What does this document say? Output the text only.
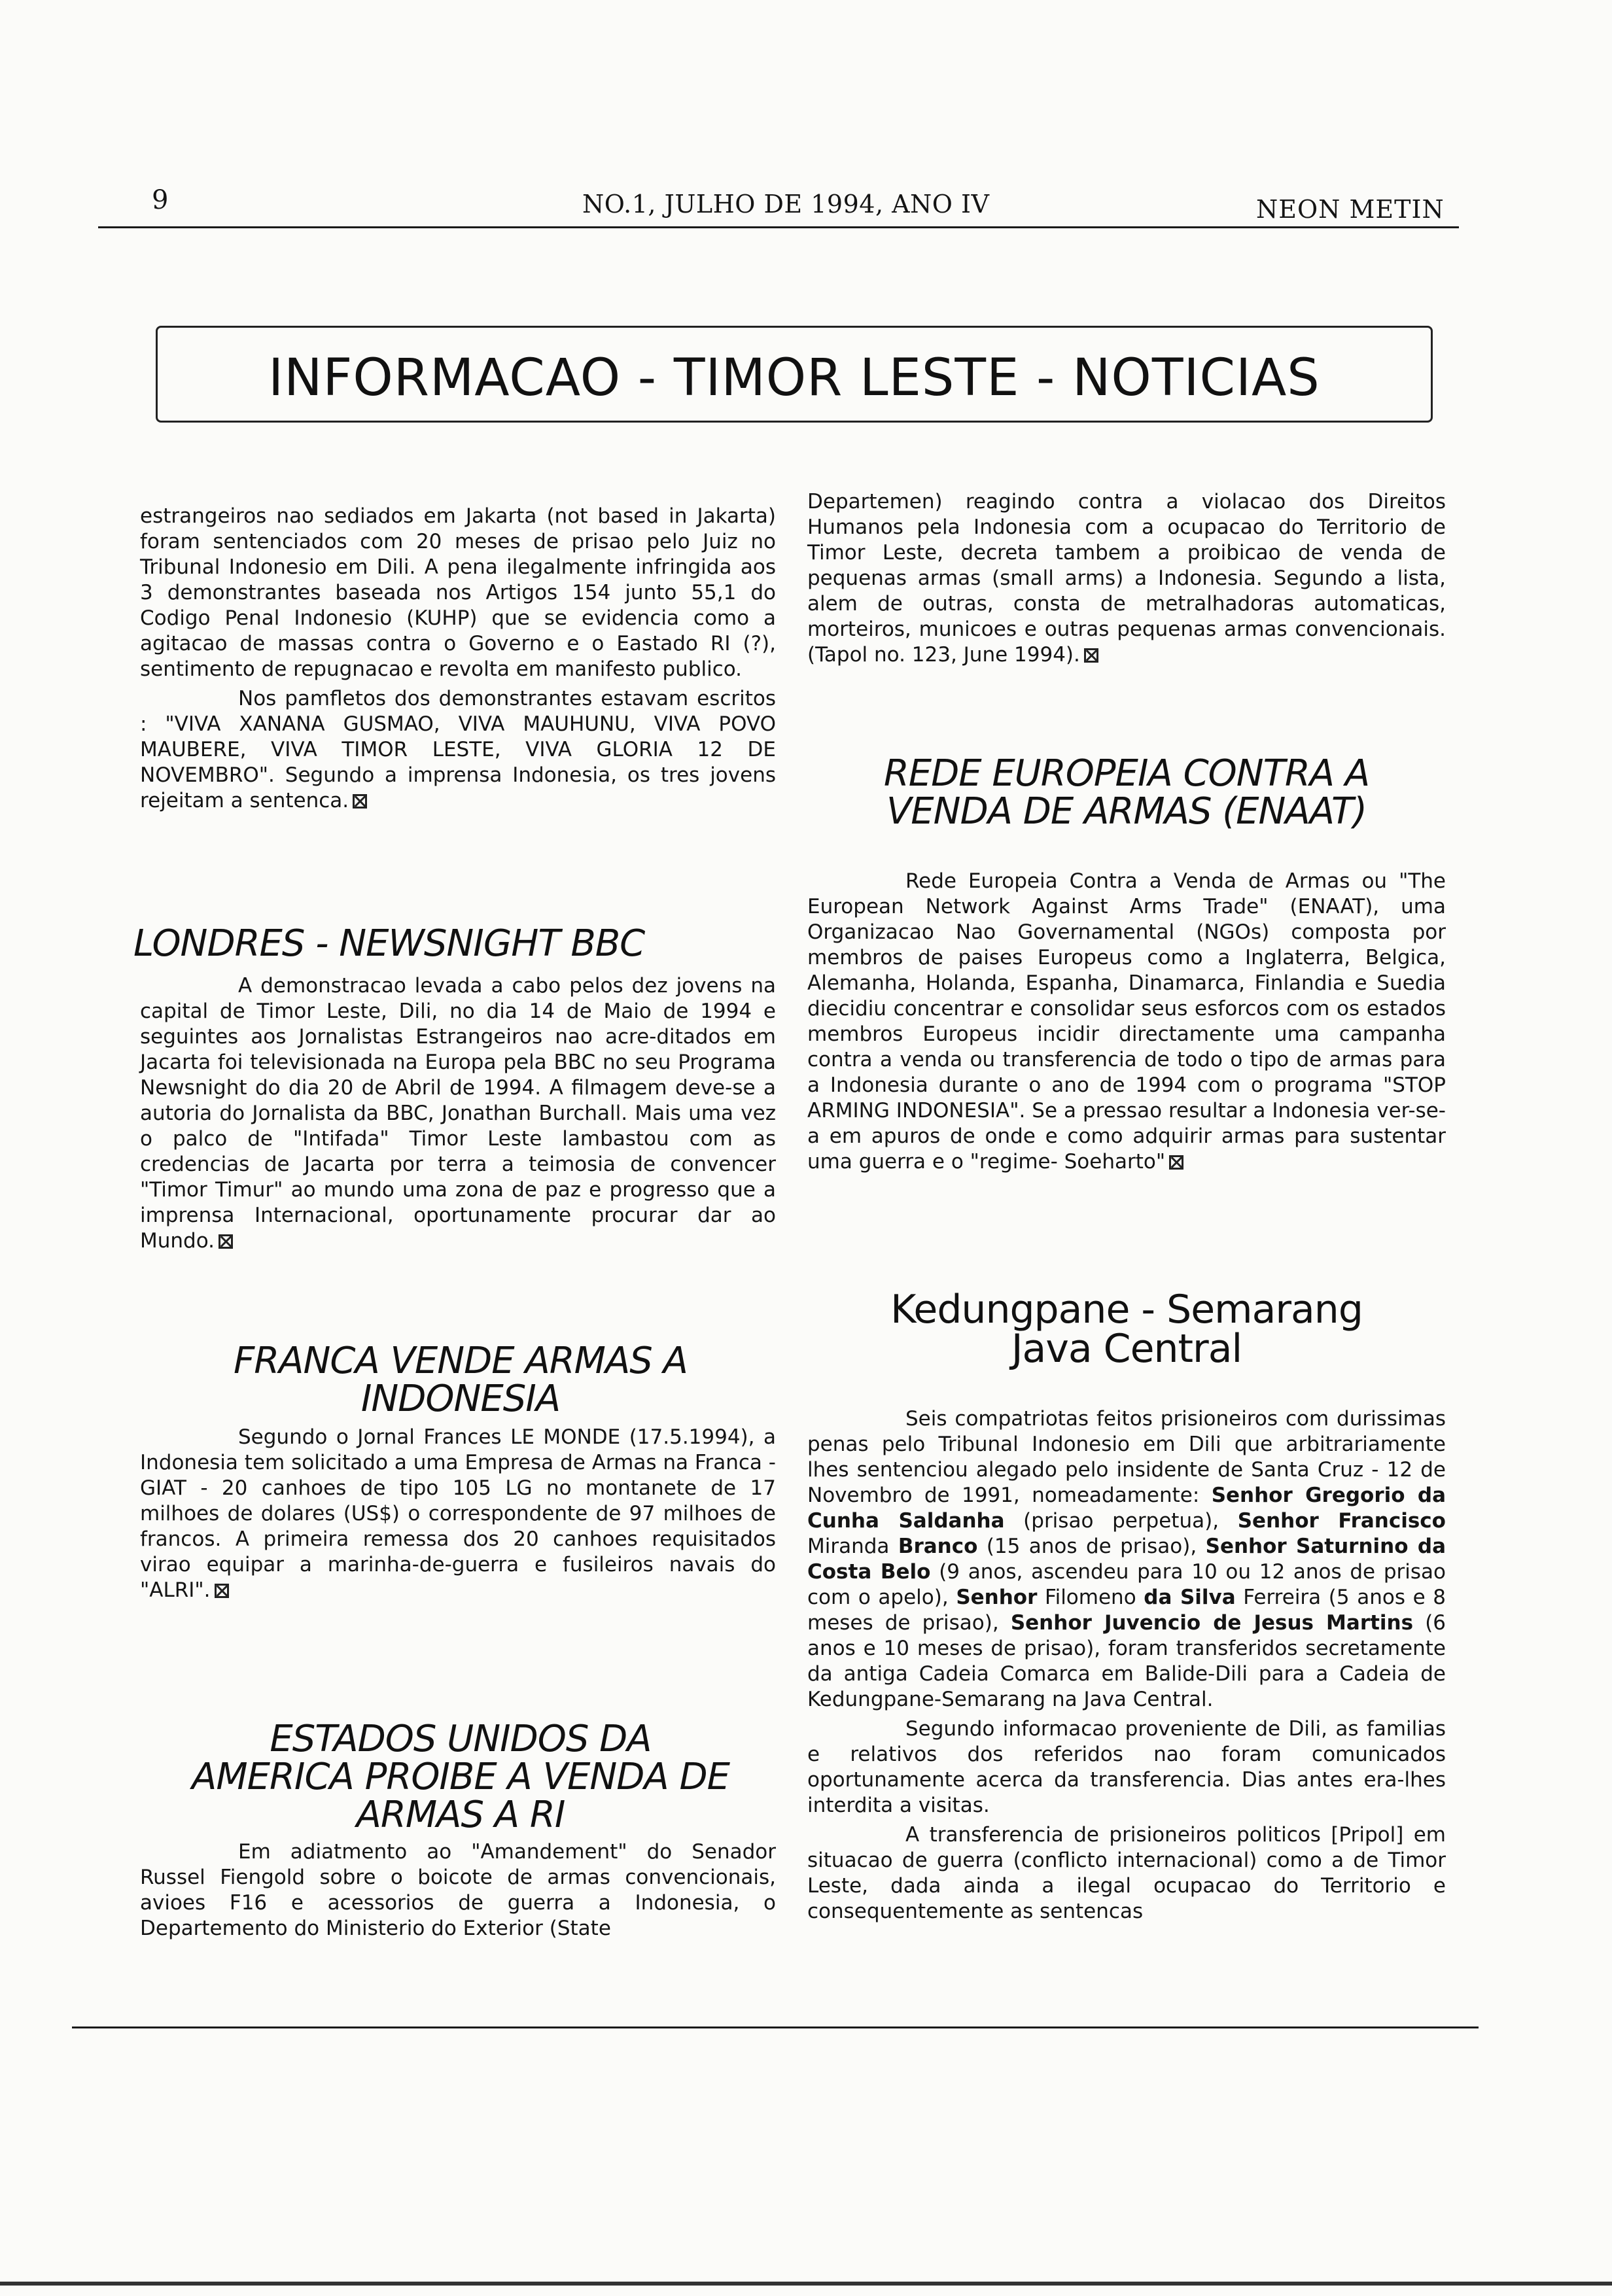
9	NO.1, JULHO DE 1994, ANO IV	NEON METIN
INFORMACAO - TIMOR LESTE - NOTICIAS

estrangeiros nao sediados em Jakarta (not based in Jakarta) foram sentenciados com 20 meses de prisao pelo Juiz no Tribunal Indonesio em Dili. A pena ilegalmente infringida aos 3 demonstrantes baseada nos Artigos 154 junto 55,1 do Codigo Penal Indonesio (KUHP) que se evidencia como a agitacao de massas contra o Governo e o Eastado RI (?), sentimento de repugnacao e revolta em manifesto publico.

Nos pamfletos dos demonstrantes estavam escritos : "VIVA XANANA GUSMAO, VIVA MAUHUNU, VIVA POVO MAUBERE, VIVA TIMOR LESTE, VIVA GLORIA 12 DE NOVEMBRO". Segundo a imprensa Indonesia, os tres jovens rejeitam a sentenca.

LONDRES - NEWSNIGHT BBC

A demonstracao levada a cabo pelos dez jovens na capital de Timor Leste, Dili, no dia 14 de Maio de 1994 e seguintes aos Jornalistas Estrangeiros nao acre-ditados em Jacarta foi televisionada na Europa pela BBC no seu Programa Newsnight do dia 20 de Abril de 1994. A filmagem deve-se a autoria do Jornalista da BBC, Jonathan Burchall. Mais uma vez o palco de "Intifada" Timor Leste lambastou com as credencias de Jacarta por terra a teimosia de convencer "Timor Timur" ao mundo uma zona de paz e progresso que a imprensa Internacional, oportunamente procurar dar ao Mundo.

FRANCA VENDE ARMAS A
INDONESIA

Segundo o Jornal Frances LE MONDE (17.5.1994), a Indonesia tem solicitado a uma Empresa de Armas na Franca - GIAT - 20 canhoes de tipo 105 LG no montanete de 17 milhoes de dolares (US$) o correspondente de 97 milhoes de francos. A primeira remessa dos 20 canhoes requisitados virao equipar a marinha-de-guerra e fusileiros navais do "ALRI".

ESTADOS UNIDOS DA
AMERICA PROIBE A VENDA DE
ARMAS A RI

Em adiatmento ao "Amandement" do Senador Russel Fiengold sobre o boicote de armas convencionais, avioes F16 e acessorios de guerra a Indonesia, o Departemento do Ministerio do Exterior (State

Departemen) reagindo contra a violacao dos Direitos Humanos pela Indonesia com a ocupacao do Territorio de Timor Leste, decreta tambem a proibicao de venda de pequenas armas (small arms) a Indonesia. Segundo a lista, alem de outras, consta de metralhadoras automaticas, morteiros, municoes e outras pequenas armas convencionais. (Tapol no. 123, June 1994).

REDE EUROPEIA CONTRA A
VENDA DE ARMAS (ENAAT)

Rede Europeia Contra a Venda de Armas ou "The European Network Against Arms Trade" (ENAAT), uma Organizacao Nao Governamental (NGOs) composta por membros de paises Europeus como a Inglaterra, Belgica, Alemanha, Holanda, Espanha, Dinamarca, Finlandia e Suedia diecidiu concentrar e consolidar seus esforcos com os estados membros Europeus incidir directamente uma campanha contra a venda ou transferencia de todo o tipo de armas para a Indonesia durante o ano de 1994 com o programa "STOP ARMING INDONESIA". Se a pressao resultar a Indonesia ver-se-a em apuros de onde e como adquirir armas para sustentar uma guerra e o "regime- Soeharto"

Kedungpane - Semarang
Java Central

Seis compatriotas feitos prisioneiros com durissimas penas pelo Tribunal Indonesio em Dili que arbitrariamente lhes sentenciou alegado pelo insidente de Santa Cruz - 12 de Novembro de 1991, nomeadamente: Senhor Gregorio da Cunha Saldanha (prisao perpetua), Senhor Francisco Miranda Branco (15 anos de prisao), Senhor Saturnino da Costa Belo (9 anos, ascendeu para 10 ou 12 anos de prisao com o apelo), Senhor Filomeno da Silva Ferreira (5 anos e 8 meses de prisao), Senhor Juvencio de Jesus Martins (6 anos e 10 meses de prisao), foram transferidos secretamente da antiga Cadeia Comarca em Balide-Dili para a Cadeia de Kedungpane-Semarang na Java Central.

Segundo informacao proveniente de Dili, as familias e relativos dos referidos nao foram comunicados oportunamente acerca da transferencia. Dias antes era-lhes interdita a visitas.

A transferencia de prisioneiros politicos [Pripol] em situacao de guerra (conflicto internacional) como a de Timor Leste, dada ainda a ilegal ocupacao do Territorio e consequentemente as sentencas
